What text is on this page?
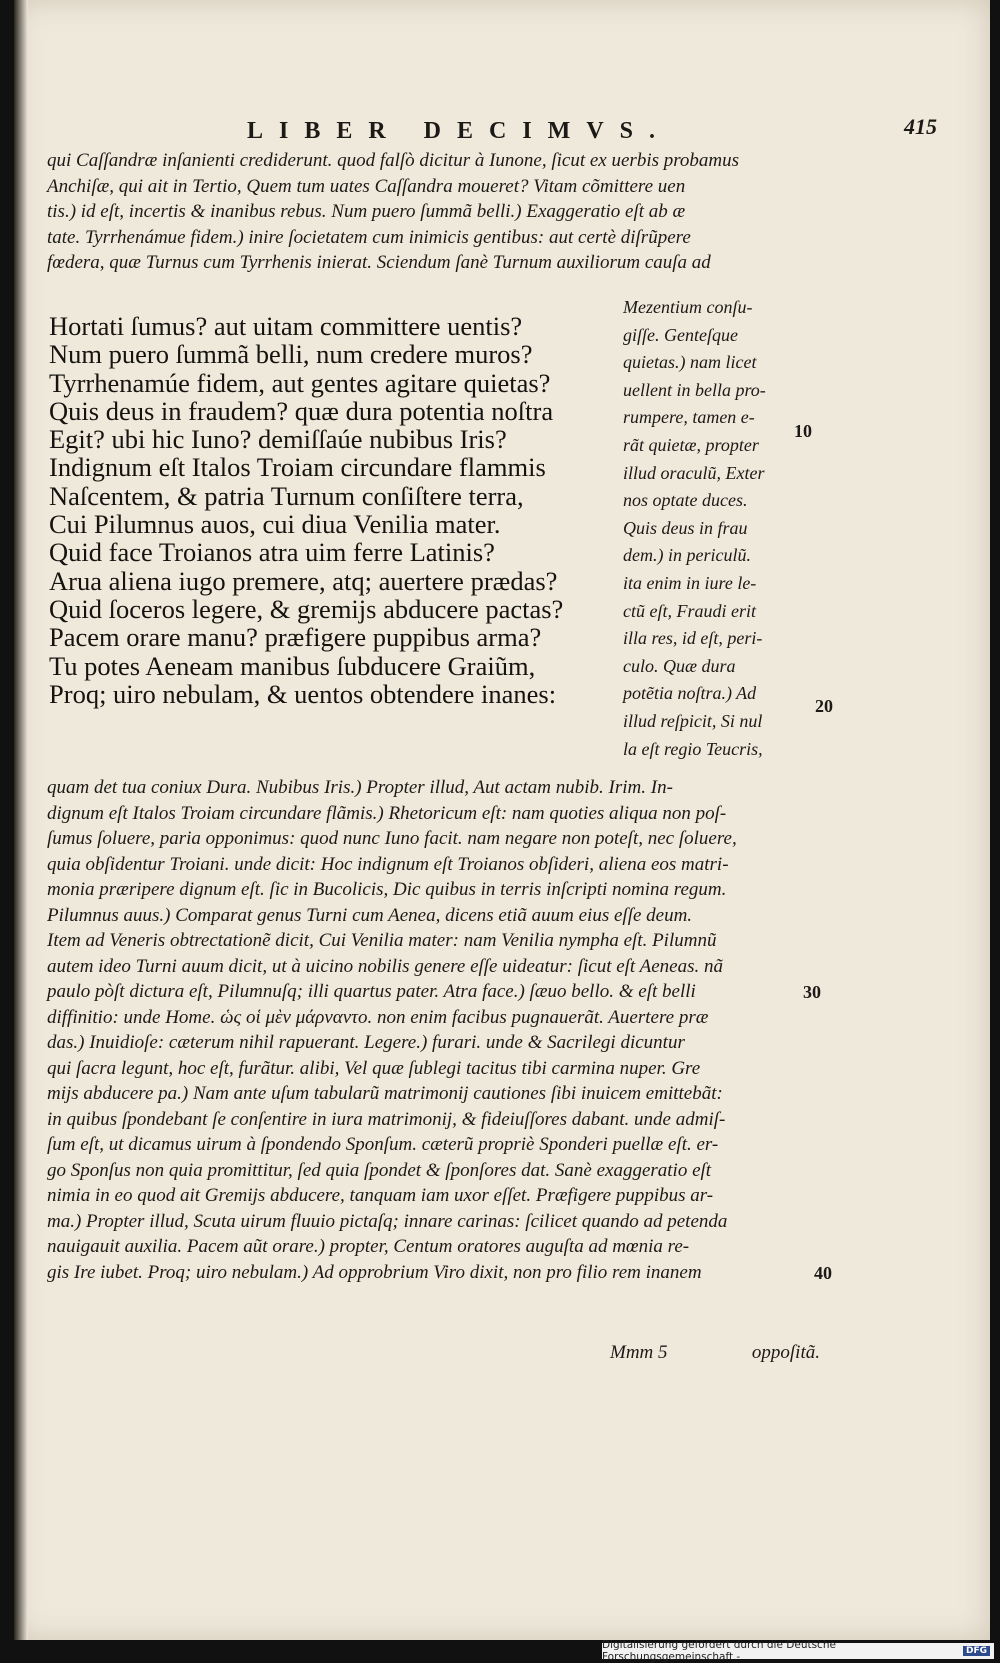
LIBER DECIMVS.	415

qui Caſſandræ inſanienti crediderunt. quod falſò dicitur à Iunone, ſicut ex uerbis probamus

Anchiſæ, qui ait in Tertio, Quem tum uates Caſſandra moueret? Vitam cõmittere uen

tis.) id eſt, incertis & inanibus rebus. Num puero ſummã belli.) Exaggeratio eſt ab æ

tate. Tyrrhenámue fidem.) inire ſocietatem cum inimicis gentibus: aut certè diſrũpere

fœdera, quæ Turnus cum Tyrrhenis inierat. Sciendum ſanè Turnum auxiliorum cauſa ad

Hortati ſumus? aut uitam committere uentis?

Num puero ſummã belli, num credere muros?

Tyrrhenamúe fidem, aut gentes agitare quietas?

Quis deus in fraudem? quæ dura potentia noſtra

Egit? ubi hic Iuno? demiſſaúe nubibus Iris?

Indignum eſt Italos Troiam circundare flammis

Naſcentem, & patria Turnum conſiſtere terra,

Cui Pilumnus auos, cui diua Venilia mater.

Quid face Troianos atra uim ferre Latinis?

Arua aliena iugo premere, atq; auertere prædas?

Quid ſoceros legere, & gremijs abducere pactas?

Pacem orare manu? præfigere puppibus arma?

Tu potes Aeneam manibus ſubducere Graiũm,

Proq; uiro nebulam, & uentos obtendere inanes:

Mezentium conſu-

giſſe. Genteſque

quietas.) nam licet

uellent in bella pro-

rumpere, tamen e-

rãt quietæ, propter

illud oraculũ, Exter

nos optate duces.

Quis deus in frau

dem.) in periculũ.

ita enim in iure le-

ctũ eſt, Fraudi erit

illa res, id eſt, peri-

culo. Quæ dura

potẽtia noſtra.) Ad

illud reſpicit, Si nul

la eſt regio Teucris,

10
20
30
40

quam det tua coniux Dura. Nubibus Iris.) Propter illud, Aut actam nubib. Irim. In-

dignum eſt Italos Troiam circundare flãmis.) Rhetoricum eſt: nam quoties aliqua non poſ-

ſumus ſoluere, paria opponimus: quod nunc Iuno facit. nam negare non poteſt, nec ſoluere,

quia obſidentur Troiani. unde dicit: Hoc indignum eſt Troianos obſideri, aliena eos matri-

monia præripere dignum eſt. ſic in Bucolicis, Dic quibus in terris inſcripti nomina regum.

Pilumnus auus.) Comparat genus Turni cum Aenea, dicens etiã auum eius eſſe deum.

Item ad Veneris obtrectationẽ dicit, Cui Venilia mater: nam Venilia nympha eſt. Pilumnũ

autem ideo Turni auum dicit, ut à uicino nobilis genere eſſe uideatur: ſicut eſt Aeneas. nã

paulo pòſt dictura eſt, Pilumnuſq; illi quartus pater. Atra face.) ſæuo bello. & eſt belli

diffinitio: unde Home. ὡς οἱ μὲν μάρναντο. non enim facibus pugnauerãt. Auertere præ

das.) Inuidioſe: cæterum nihil rapuerant. Legere.) furari. unde & Sacrilegi dicuntur

qui ſacra legunt, hoc eſt, furãtur. alibi, Vel quæ ſublegi tacitus tibi carmina nuper. Gre

mijs abducere pa.) Nam ante uſum tabularũ matrimonij cautiones ſibi inuicem emittebãt:

in quibus ſpondebant ſe conſentire in iura matrimonij, & fideiuſſores dabant. unde admiſ-

ſum eſt, ut dicamus uirum à ſpondendo Sponſum. cæterũ propriè Sponderi puellæ eſt. er-

go Sponſus non quia promittitur, ſed quia ſpondet & ſponſores dat. Sanè exaggeratio eſt

nimia in eo quod ait Gremijs abducere, tanquam iam uxor eſſet. Præfigere puppibus ar-

ma.) Propter illud, Scuta uirum fluuio pictaſq; innare carinas: ſcilicet quando ad petenda

nauigauit auxilia. Pacem aũt orare.) propter, Centum oratores auguſta ad mœnia re-

gis Ire iubet. Proq; uiro nebulam.) Ad opprobrium Viro dixit, non pro filio rem inanem

Mmm 5	oppoſitã.
Digitalisierung gefördert durch die Deutsche Forschungsgemeinschaft -	DFG
